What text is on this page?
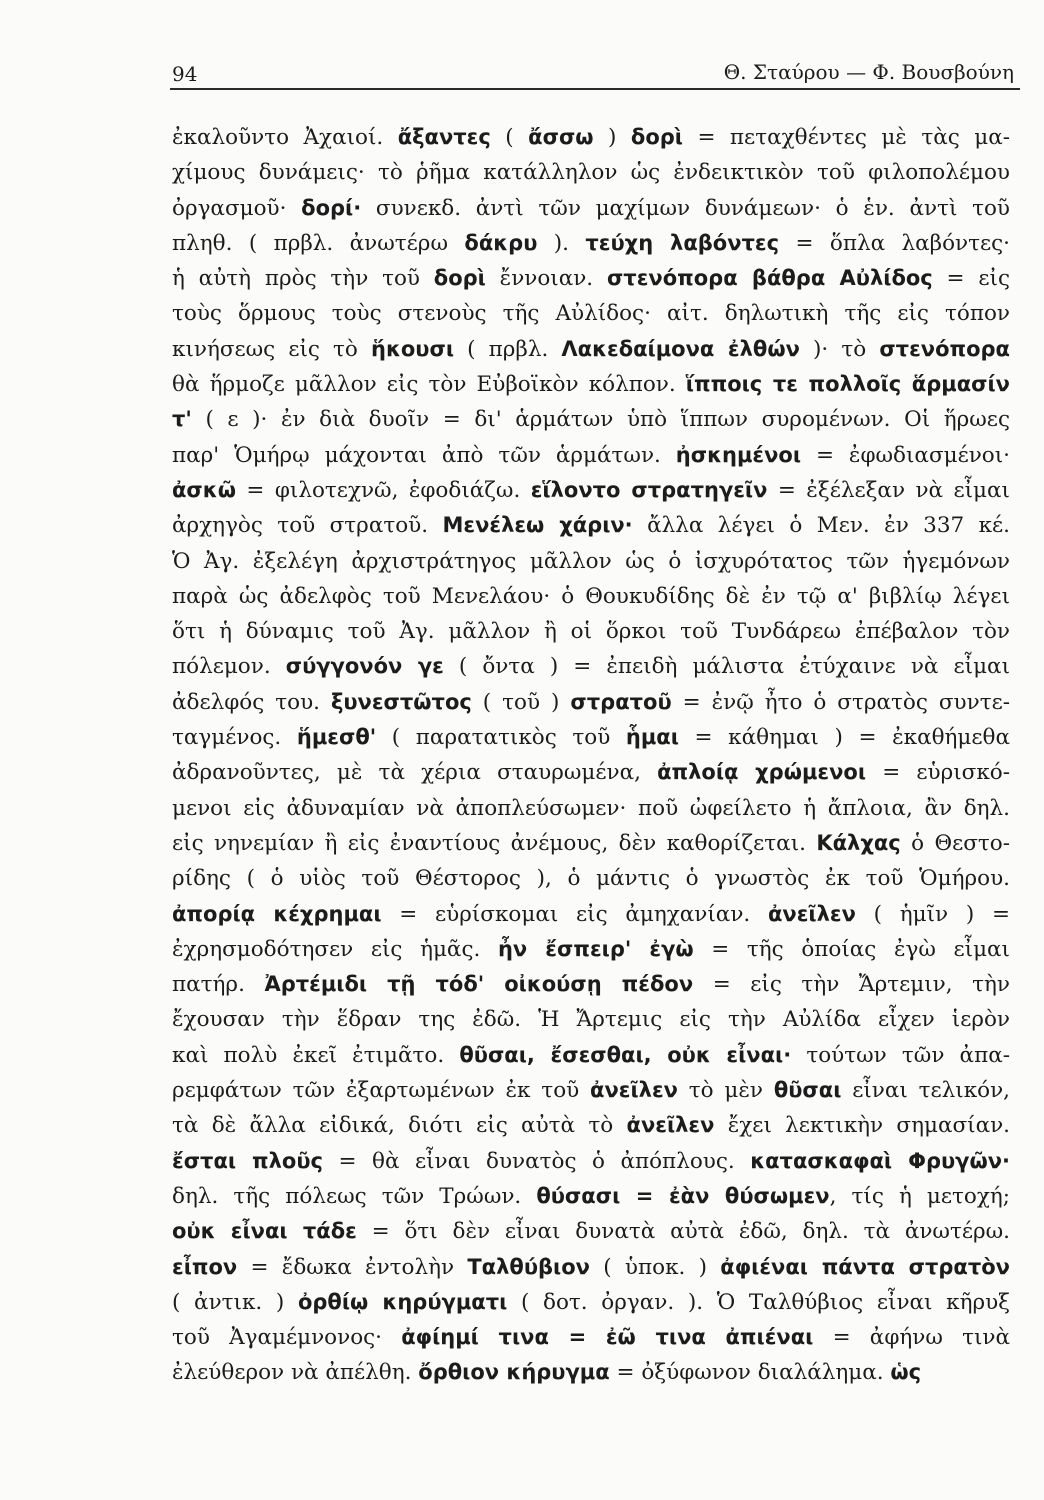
94	Θ. Σταύρου — Φ. Βουσβούνη
ἐκαλοῦντο Ἀχαιοί. ἄξαντες ( ἄσσω ) δορὶ = πεταχθέντες μὲ τὰς μα-
χίμους δυνάμεις· τὸ ῥῆμα κατάλληλον ὡς ἐνδεικτικὸν τοῦ φιλοπολέμου
ὀργασμοῦ· δορί· συνεκδ. ἀντὶ τῶν μαχίμων δυνάμεων· ὁ ἑν. ἀντὶ τοῦ
πληθ. ( πρβλ. ἀνωτέρω δάκρυ ). τεύχη λαβόντες = ὅπλα λαβόντες·
ἡ αὐτὴ πρὸς τὴν τοῦ δορὶ ἔννοιαν. στενόπορα βάθρα Αὐλίδος = εἰς
τοὺς ὅρμους τοὺς στενοὺς τῆς Αὐλίδος· αἰτ. δηλωτικὴ τῆς εἰς τόπον
κινήσεως εἰς τὸ ἥκουσι ( πρβλ. Λακεδαίμονα ἐλθών )· τὸ στενόπορα
θὰ ἥρμοζε μᾶλλον εἰς τὸν Εὐβοϊκὸν κόλπον. ἵπποις τε πολλοῖς ἅρμασίν
τ' ( ε )· ἐν διὰ δυοῖν = δι' ἁρμάτων ὑπὸ ἵππων συρομένων. Οἱ ἥρωες
παρ' Ὁμήρῳ μάχονται ἀπὸ τῶν ἁρμάτων. ἠσκημένοι = ἐφωδιασμένοι·
ἀσκῶ = φιλοτεχνῶ, ἐφοδιάζω. εἵλοντο στρατηγεῖν = ἐξέλεξαν νὰ εἶμαι
ἀρχηγὸς τοῦ στρατοῦ. Μενέλεω χάριν· ἄλλα λέγει ὁ Μεν. ἐν 337 κέ.
Ὁ Ἀγ. ἐξελέγη ἀρχιστράτηγος μᾶλλον ὡς ὁ ἰσχυρότατος τῶν ἡγεμόνων
παρὰ ὡς ἀδελφὸς τοῦ Μενελάου· ὁ Θουκυδίδης δὲ ἐν τῷ α' βιβλίῳ λέγει
ὅτι ἡ δύναμις τοῦ Ἀγ. μᾶλλον ἢ οἱ ὅρκοι τοῦ Τυνδάρεω ἐπέβαλον τὸν
πόλεμον. σύγγονόν γε ( ὄντα ) = ἐπειδὴ μάλιστα ἐτύχαινε νὰ εἶμαι
ἀδελφός του. ξυνεστῶτος ( τοῦ ) στρατοῦ = ἐνῷ ἦτο ὁ στρατὸς συντε-
ταγμένος. ἥμεσθ' ( παρατατικὸς τοῦ ἧμαι = κάθημαι ) = ἐκαθήμεθα
ἀδρανοῦντες, μὲ τὰ χέρια σταυρωμένα, ἀπλοίᾳ χρώμενοι = εὑρισκό-
μενοι εἰς ἀδυναμίαν νὰ ἀποπλεύσωμεν· ποῦ ὠφείλετο ἡ ἄπλοια, ἂν δηλ.
εἰς νηνεμίαν ἢ εἰς ἐναντίους ἀνέμους, δὲν καθορίζεται. Κάλχας ὁ Θεστο-
ρίδης ( ὁ υἱὸς τοῦ Θέστορος ), ὁ μάντις ὁ γνωστὸς ἐκ τοῦ Ὁμήρου.
ἀπορίᾳ κέχρημαι = εὑρίσκομαι εἰς ἀμηχανίαν. ἀνεῖλεν ( ἡμῖν ) =
ἐχρησμοδότησεν εἰς ἡμᾶς. ἦν ἔσπειρ' ἐγὼ = τῆς ὁποίας ἐγὼ εἶμαι
πατήρ. Ἀρτέμιδι τῇ τόδ' οἰκούσῃ πέδον = εἰς τὴν Ἄρτεμιν, τὴν
ἔχουσαν τὴν ἕδραν της ἐδῶ. Ἡ Ἄρτεμις εἰς τὴν Αὐλίδα εἶχεν ἱερὸν
καὶ πολὺ ἐκεῖ ἐτιμᾶτο. θῦσαι, ἔσεσθαι, οὐκ εἶναι· τούτων τῶν ἀπα-
ρεμφάτων τῶν ἐξαρτωμένων ἐκ τοῦ ἀνεῖλεν τὸ μὲν θῦσαι εἶναι τελικόν,
τὰ δὲ ἄλλα εἰδικά, διότι εἰς αὐτὰ τὸ ἀνεῖλεν ἔχει λεκτικὴν σημασίαν.
ἔσται πλοῦς = θὰ εἶναι δυνατὸς ὁ ἀπόπλους. κατασκαφαὶ Φρυγῶν·
δηλ. τῆς πόλεως τῶν Τρώων. θύσασι = ἐὰν θύσωμεν, τίς ἡ μετοχή;
οὐκ εἶναι τάδε = ὅτι δὲν εἶναι δυνατὰ αὐτὰ ἐδῶ, δηλ. τὰ ἀνωτέρω.
εἶπον = ἔδωκα ἐντολὴν Ταλθύβιον ( ὑποκ. ) ἀφιέναι πάντα στρατὸν
( ἀντικ. ) ὀρθίῳ κηρύγματι ( δοτ. ὀργαν. ). Ὁ Ταλθύβιος εἶναι κῆρυξ
τοῦ Ἀγαμέμνονος· ἀφίημί τινα = ἐῶ τινα ἀπιέναι = ἀφήνω τινὰ
ἐλεύθερον νὰ ἀπέλθη. ὄρθιον κήρυγμα = ὀξύφωνον διαλάλημα. ὡς
